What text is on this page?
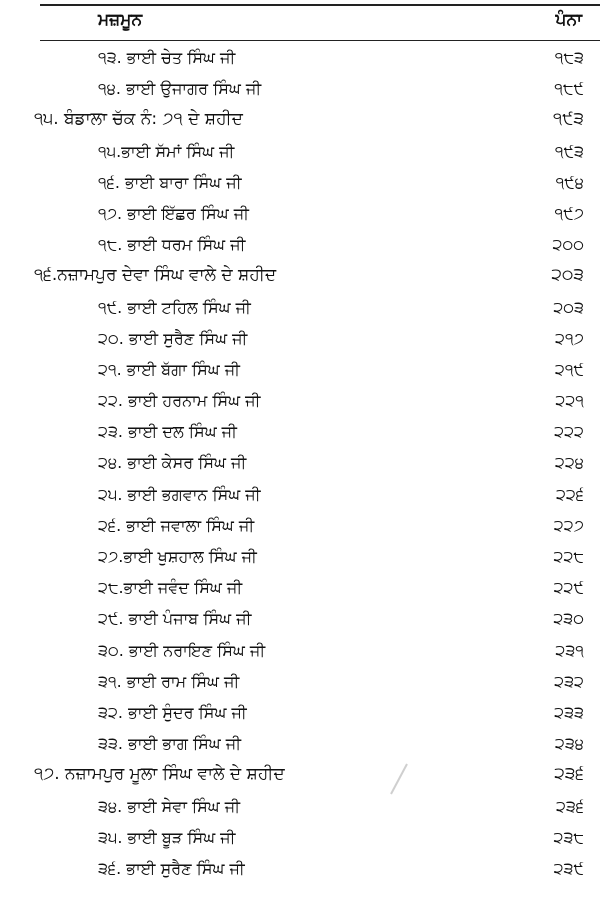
ਮਜ਼ਮੂਨ	ਪੰਨਾ
੧੩. ਭਾਈ ਚੇਤ ਸਿੰਘ ਜੀ	੧੮੩
੧੪. ਭਾਈ ਉਜਾਗਰ ਸਿੰਘ ਜੀ	੧੮੯
੧੫. ਬੰਡਾਲਾ ਚੱਕ ਨੰ: ੭੧ ਦੇ ਸ਼ਹੀਦ	੧੯੩
੧੫.ਭਾਈ ਸੱਮਾਂ ਸਿੰਘ ਜੀ	੧੯੩
੧੬. ਭਾਈ ਬਾਰਾ ਸਿੰਘ ਜੀ	੧੯੪
੧੭. ਭਾਈ ਇੱਛਰ ਸਿੰਘ ਜੀ	੧੯੭
੧੮. ਭਾਈ ਧਰਮ ਸਿੰਘ ਜੀ	੨੦੦
੧੬.ਨਜ਼ਾਮਪੁਰ ਦੇਵਾ ਸਿੰਘ ਵਾਲੇ ਦੇ ਸ਼ਹੀਦ	੨੦੩
੧੯. ਭਾਈ ਟਹਿਲ ਸਿੰਘ ਜੀ	੨੦੩
੨੦. ਭਾਈ ਸੁਰੈਣ ਸਿੰਘ ਜੀ	੨੧੭
੨੧. ਭਾਈ ਬੱਗਾ ਸਿੰਘ ਜੀ	੨੧੯
੨੨. ਭਾਈ ਹਰਨਾਮ ਸਿੰਘ ਜੀ	੨੨੧
੨੩. ਭਾਈ ਦਲ ਸਿੰਘ ਜੀ	੨੨੨
੨੪. ਭਾਈ ਕੇਸਰ ਸਿੰਘ ਜੀ	੨੨੪
੨੫. ਭਾਈ ਭਗਵਾਨ ਸਿੰਘ ਜੀ	੨੨੬
੨੬. ਭਾਈ ਜਵਾਲਾ ਸਿੰਘ ਜੀ	੨੨੭
੨੭.ਭਾਈ ਖੁਸ਼ਹਾਲ ਸਿੰਘ ਜੀ	੨੨੮
੨੮.ਭਾਈ ਜਵੰਦ ਸਿੰਘ ਜੀ	੨੨੯
੨੯. ਭਾਈ ਪੰਜਾਬ ਸਿੰਘ ਜੀ	੨੩੦
੩੦. ਭਾਈ ਨਰਾਇਣ ਸਿੰਘ ਜੀ	੨੩੧
੩੧. ਭਾਈ ਰਾਮ ਸਿੰਘ ਜੀ	੨੩੨
੩੨. ਭਾਈ ਸੁੰਦਰ ਸਿੰਘ ਜੀ	੨੩੩
੩੩. ਭਾਈ ਭਾਗ ਸਿੰਘ ਜੀ	੨੩੪
੧੭. ਨਜ਼ਾਮਪੁਰ ਮੂਲਾ ਸਿੰਘ ਵਾਲੇ ਦੇ ਸ਼ਹੀਦ	੨੩੬
੩੪. ਭਾਈ ਸੇਵਾ ਸਿੰਘ ਜੀ	੨੩੬
੩੫. ਭਾਈ ਬੂੜ ਸਿੰਘ ਜੀ	੨੩੮
੩੬. ਭਾਈ ਸੁਰੈਣ ਸਿੰਘ ਜੀ	੨੩੯
